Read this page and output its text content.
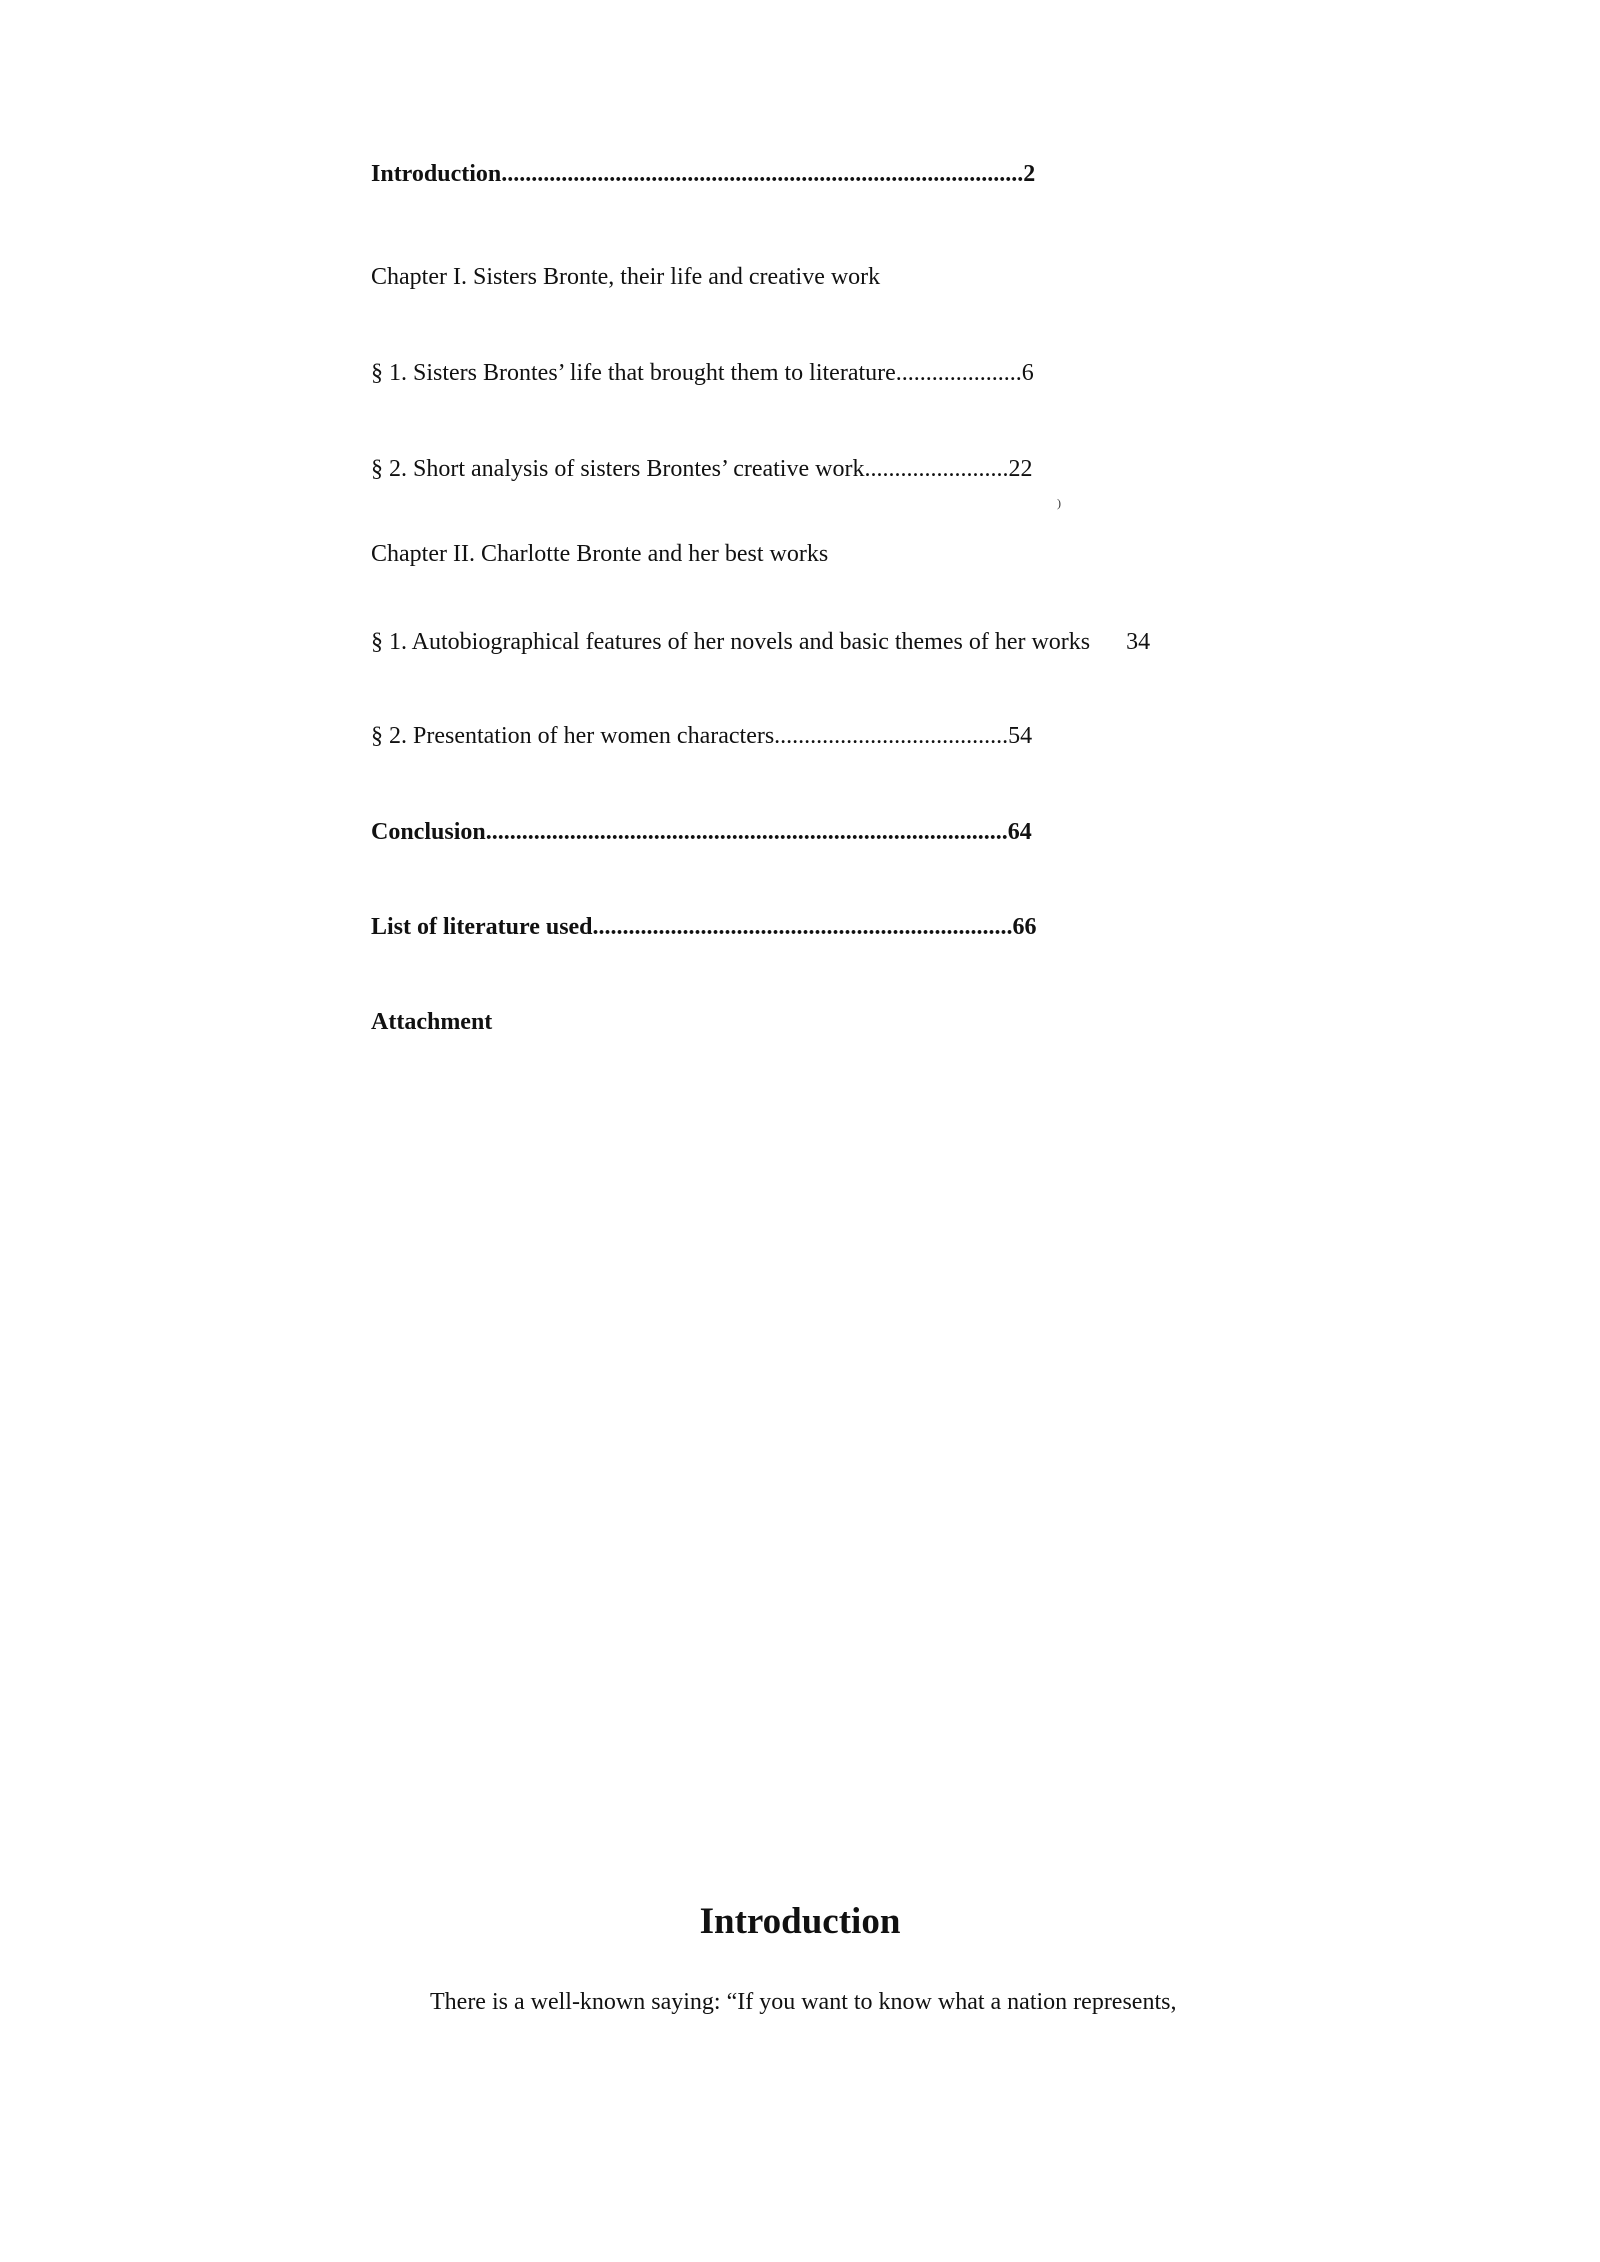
Introduction.......................................................................................2
Chapter I. Sisters Bronte, their life and creative work
§ 1. Sisters Brontes’ life that brought them to literature.....................6
§ 2. Short analysis of sisters Brontes’ creative work........................22
)
Chapter II. Charlotte Bronte and her best works
§ 1. Autobiographical features of her novels and basic themes of her works      34
§ 2. Presentation of her women characters.......................................54
Conclusion.......................................................................................64
List of literature used......................................................................66
Attachment
Introduction
There is a well-known saying: “If you want to know what a nation represents,
